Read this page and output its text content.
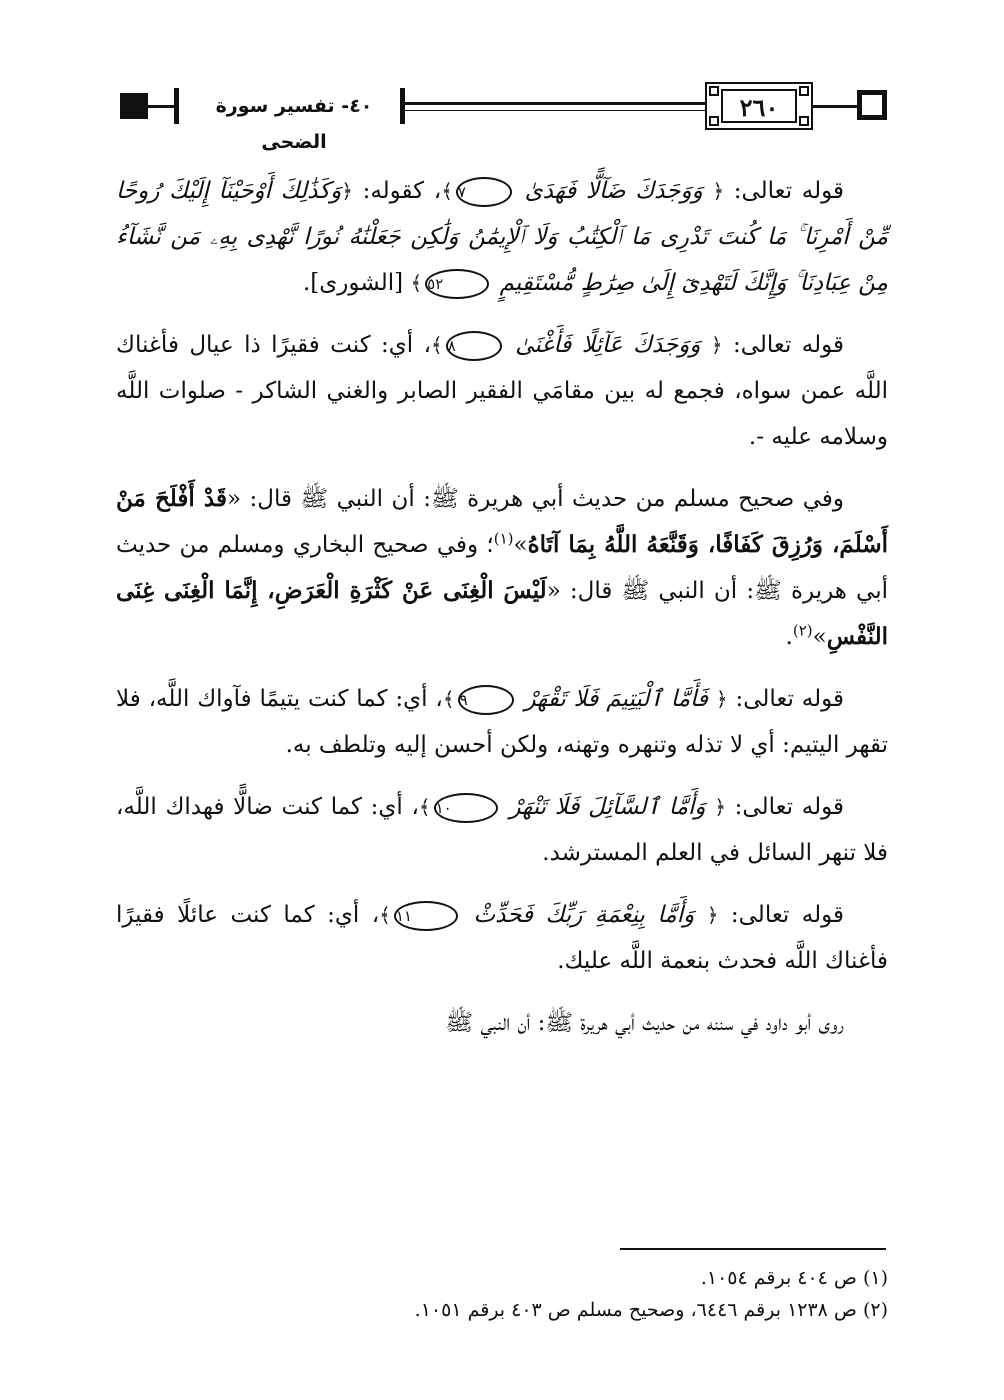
٤٠- تفسير سورة الضحى
٢٦٠

قوله تعالى: ﴿ وَوَجَدَكَ ضَآلًّا فَهَدَىٰ ٧﴾، كقوله: ﴿وَكَذَٰلِكَ أَوْحَيْنَآ إِلَيْكَ رُوحًا مِّنْ أَمْرِنَا ۚ مَا كُنتَ تَدْرِى مَا ٱلْكِتَٰبُ وَلَا ٱلْإِيمَٰنُ وَلَٰكِن جَعَلْنَٰهُ نُورًا نَّهْدِى بِهِۦ مَن نَّشَآءُ مِنْ عِبَادِنَا ۚ وَإِنَّكَ لَتَهْدِىٓ إِلَىٰ صِرَٰطٍ مُّسْتَقِيمٍ ٥٢﴾ [الشورى].

قوله تعالى: ﴿ وَوَجَدَكَ عَآئِلًا فَأَغْنَىٰ ٨﴾، أي: كنت فقيرًا ذا عيال فأغناك اللَّه عمن سواه، فجمع له بين مقامَي الفقير الصابر والغني الشاكر - صلوات اللَّه وسلامه عليه -.

وفي صحيح مسلم من حديث أبي هريرة ﷺ: أن النبي ﷺ قال: «قَدْ أَفْلَحَ مَنْ أَسْلَمَ، وَرُزِقَ كَفَافًا، وَقَنَّعَهُ اللَّهُ بِمَا آتَاهُ»$^{(١)}$؛ وفي صحيح البخاري ومسلم من حديث أبي هريرة ﷺ: أن النبي ﷺ قال: «لَيْسَ الْغِنَى عَنْ كَثْرَةِ الْعَرَضِ، إِنَّمَا الْغِنَى غِنَى النَّفْسِ»$^{(٢)}$.

قوله تعالى: ﴿ فَأَمَّا ٱلْيَتِيمَ فَلَا تَقْهَرْ ٩﴾، أي: كما كنت يتيمًا فآواك اللَّه، فلا تقهر اليتيم: أي لا تذله وتنهره وتهنه، ولكن أحسن إليه وتلطف به.

قوله تعالى: ﴿ وَأَمَّا ٱلسَّآئِلَ فَلَا تَنْهَرْ ١٠﴾، أي: كما كنت ضالًّا فهداك اللَّه، فلا تنهر السائل في العلم المسترشد.

قوله تعالى: ﴿ وَأَمَّا بِنِعْمَةِ رَبِّكَ فَحَدِّثْ ١١﴾، أي: كما كنت عائلًا فقيرًا فأغناك اللَّه فحدث بنعمة اللَّه عليك.

روى أبو داود في سننه من حديث أبي هريرة ﷺ: أن النبي ﷺ

(١) ص ٤٠٤ برقم ١٠٥٤.
(٢) ص ١٢٣٨ برقم ٦٤٤٦، وصحيح مسلم ص ٤٠٣ برقم ١٠٥١.
